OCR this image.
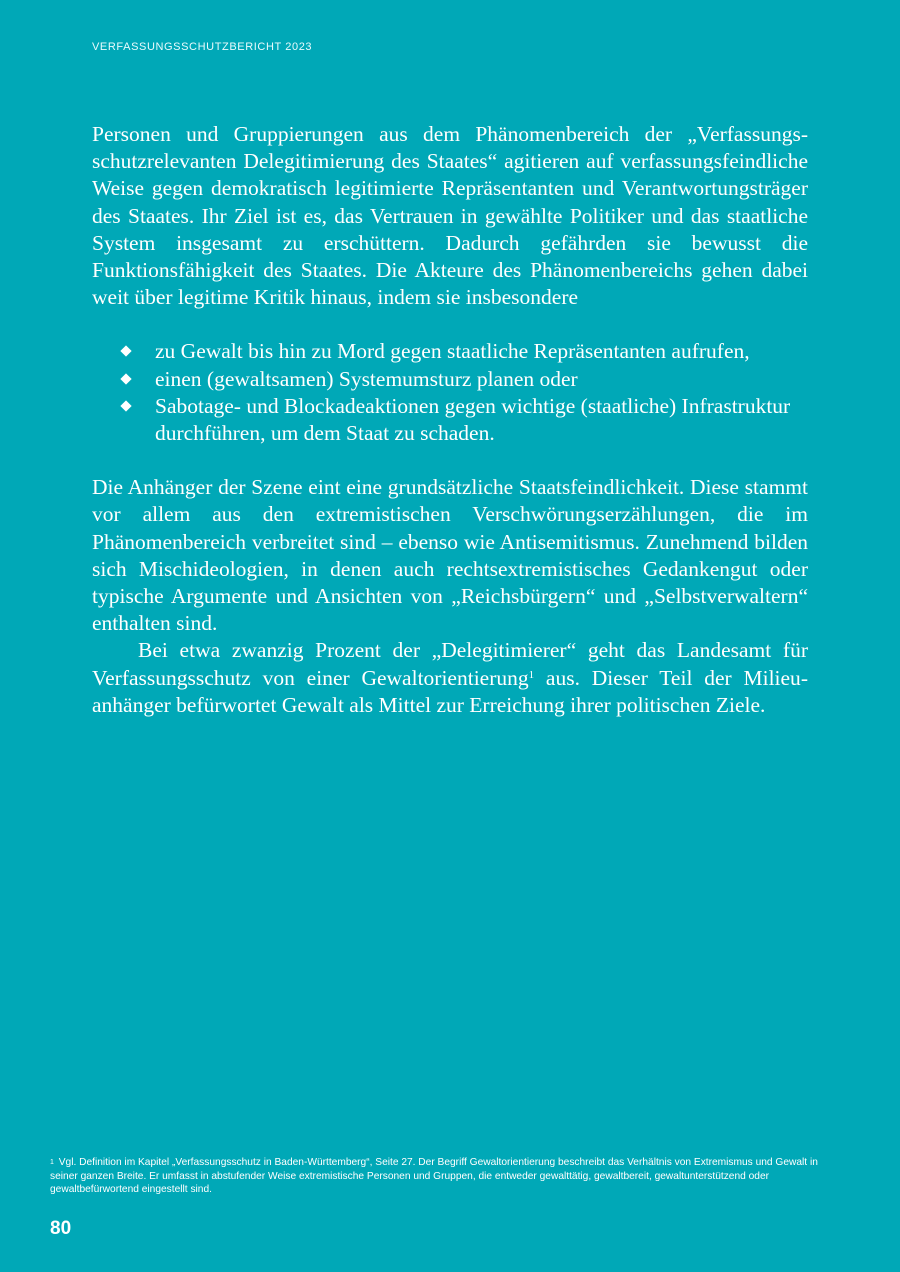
VERFASSUNGSSCHUTZBERICHT 2023

Personen und Gruppierungen aus dem Phänomenbereich der „Verfassungsschutzrelevanten Delegitimierung des Staates“ agitieren auf verfassungsfeindliche Weise gegen demokratisch legitimierte Repräsentanten und Verantwortungsträger des Staates. Ihr Ziel ist es, das Vertrauen in gewählte Politiker und das staatliche System insgesamt zu erschüttern. Dadurch gefährden sie bewusst die Funktionsfähigkeit des Staates. Die Akteure des Phänomenbereichs gehen dabei weit über legitime Kritik hinaus, indem sie insbesondere

zu Gewalt bis hin zu Mord gegen staatliche Repräsentanten aufrufen,
einen (gewaltsamen) Systemumsturz planen oder
Sabotage- und Blockadeaktionen gegen wichtige (staatliche) Infrastruktur durchführen, um dem Staat zu schaden.

Die Anhänger der Szene eint eine grundsätzliche Staatsfeindlichkeit. Diese stammt vor allem aus den extremistischen Verschwörungserzählungen, die im Phänomenbereich verbreitet sind – ebenso wie Antisemitismus. Zunehmend bilden sich Mischideologien, in denen auch rechtsextremistisches Gedankengut oder typische Argumente und Ansichten von „Reichsbürgern“ und „Selbstverwaltern“ enthalten sind.

Bei etwa zwanzig Prozent der „Delegitimierer“ geht das Landesamt für Verfassungsschutz von einer Gewaltorientierung$^1$ aus. Dieser Teil der Milieuanhänger befürwortet Gewalt als Mittel zur Erreichung ihrer politischen Ziele.

$^1$ Vgl. Definition im Kapitel „Verfassungsschutz in Baden-Württemberg“, Seite 27. Der Begriff Gewaltorientierung beschreibt das Verhältnis von Extremismus und Gewalt in seiner ganzen Breite. Er umfasst in abstufender Weise extremistische Personen und Gruppen, die entweder gewalttätig, gewaltbereit, gewaltunterstützend oder gewaltbefürwortend eingestellt sind.
80
